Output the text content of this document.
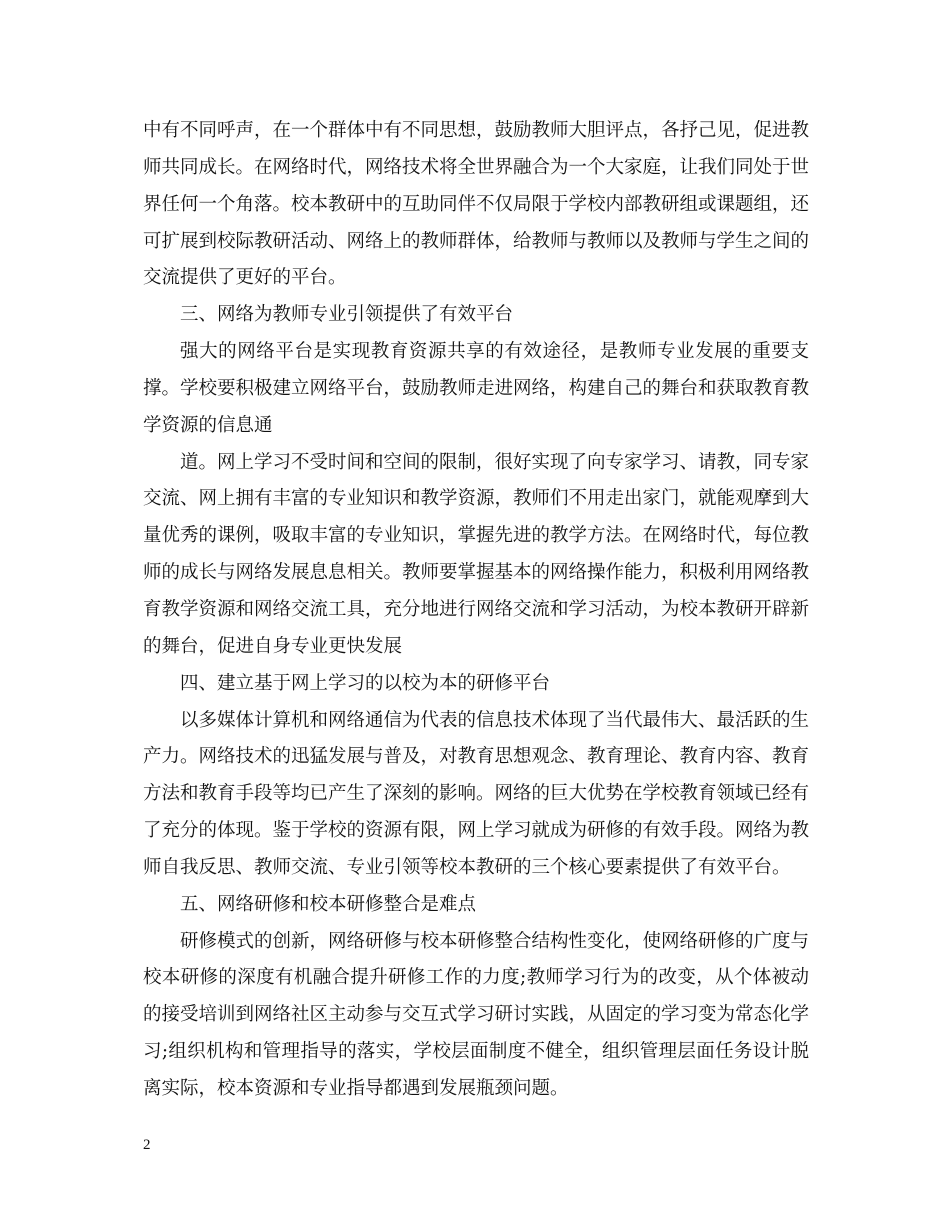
中有不同呼声，在一个群体中有不同思想，鼓励教师大胆评点，各抒己见，促进教师共同成长。在网络时代，网络技术将全世界融合为一个大家庭，让我们同处于世界任何一个角落。校本教研中的互助同伴不仅局限于学校内部教研组或课题组，还可扩展到校际教研活动、网络上的教师群体，给教师与教师以及教师与学生之间的交流提供了更好的平台。

三、网络为教师专业引领提供了有效平台

强大的网络平台是实现教育资源共享的有效途径，是教师专业发展的重要支撑。学校要积极建立网络平台，鼓励教师走进网络，构建自己的舞台和获取教育教学资源的信息通

道。网上学习不受时间和空间的限制，很好实现了向专家学习、请教，同专家交流、网上拥有丰富的专业知识和教学资源，教师们不用走出家门，就能观摩到大量优秀的课例，吸取丰富的专业知识，掌握先进的教学方法。在网络时代，每位教师的成长与网络发展息息相关。教师要掌握基本的网络操作能力，积极利用网络教育教学资源和网络交流工具，充分地进行网络交流和学习活动，为校本教研开辟新的舞台，促进自身专业更快发展

四、建立基于网上学习的以校为本的研修平台

以多媒体计算机和网络通信为代表的信息技术体现了当代最伟大、最活跃的生产力。网络技术的迅猛发展与普及，对教育思想观念、教育理论、教育内容、教育方法和教育手段等均已产生了深刻的影响。网络的巨大优势在学校教育领域已经有了充分的体现。鉴于学校的资源有限，网上学习就成为研修的有效手段。网络为教师自我反思、教师交流、专业引领等校本教研的三个核心要素提供了有效平台。

五、网络研修和校本研修整合是难点

研修模式的创新，网络研修与校本研修整合结构性变化，使网络研修的广度与校本研修的深度有机融合提升研修工作的力度;教师学习行为的改变，从个体被动的接受培训到网络社区主动参与交互式学习研讨实践，从固定的学习变为常态化学习;组织机构和管理指导的落实，学校层面制度不健全，组织管理层面任务设计脱离实际，校本资源和专业指导都遇到发展瓶颈问题。

2
